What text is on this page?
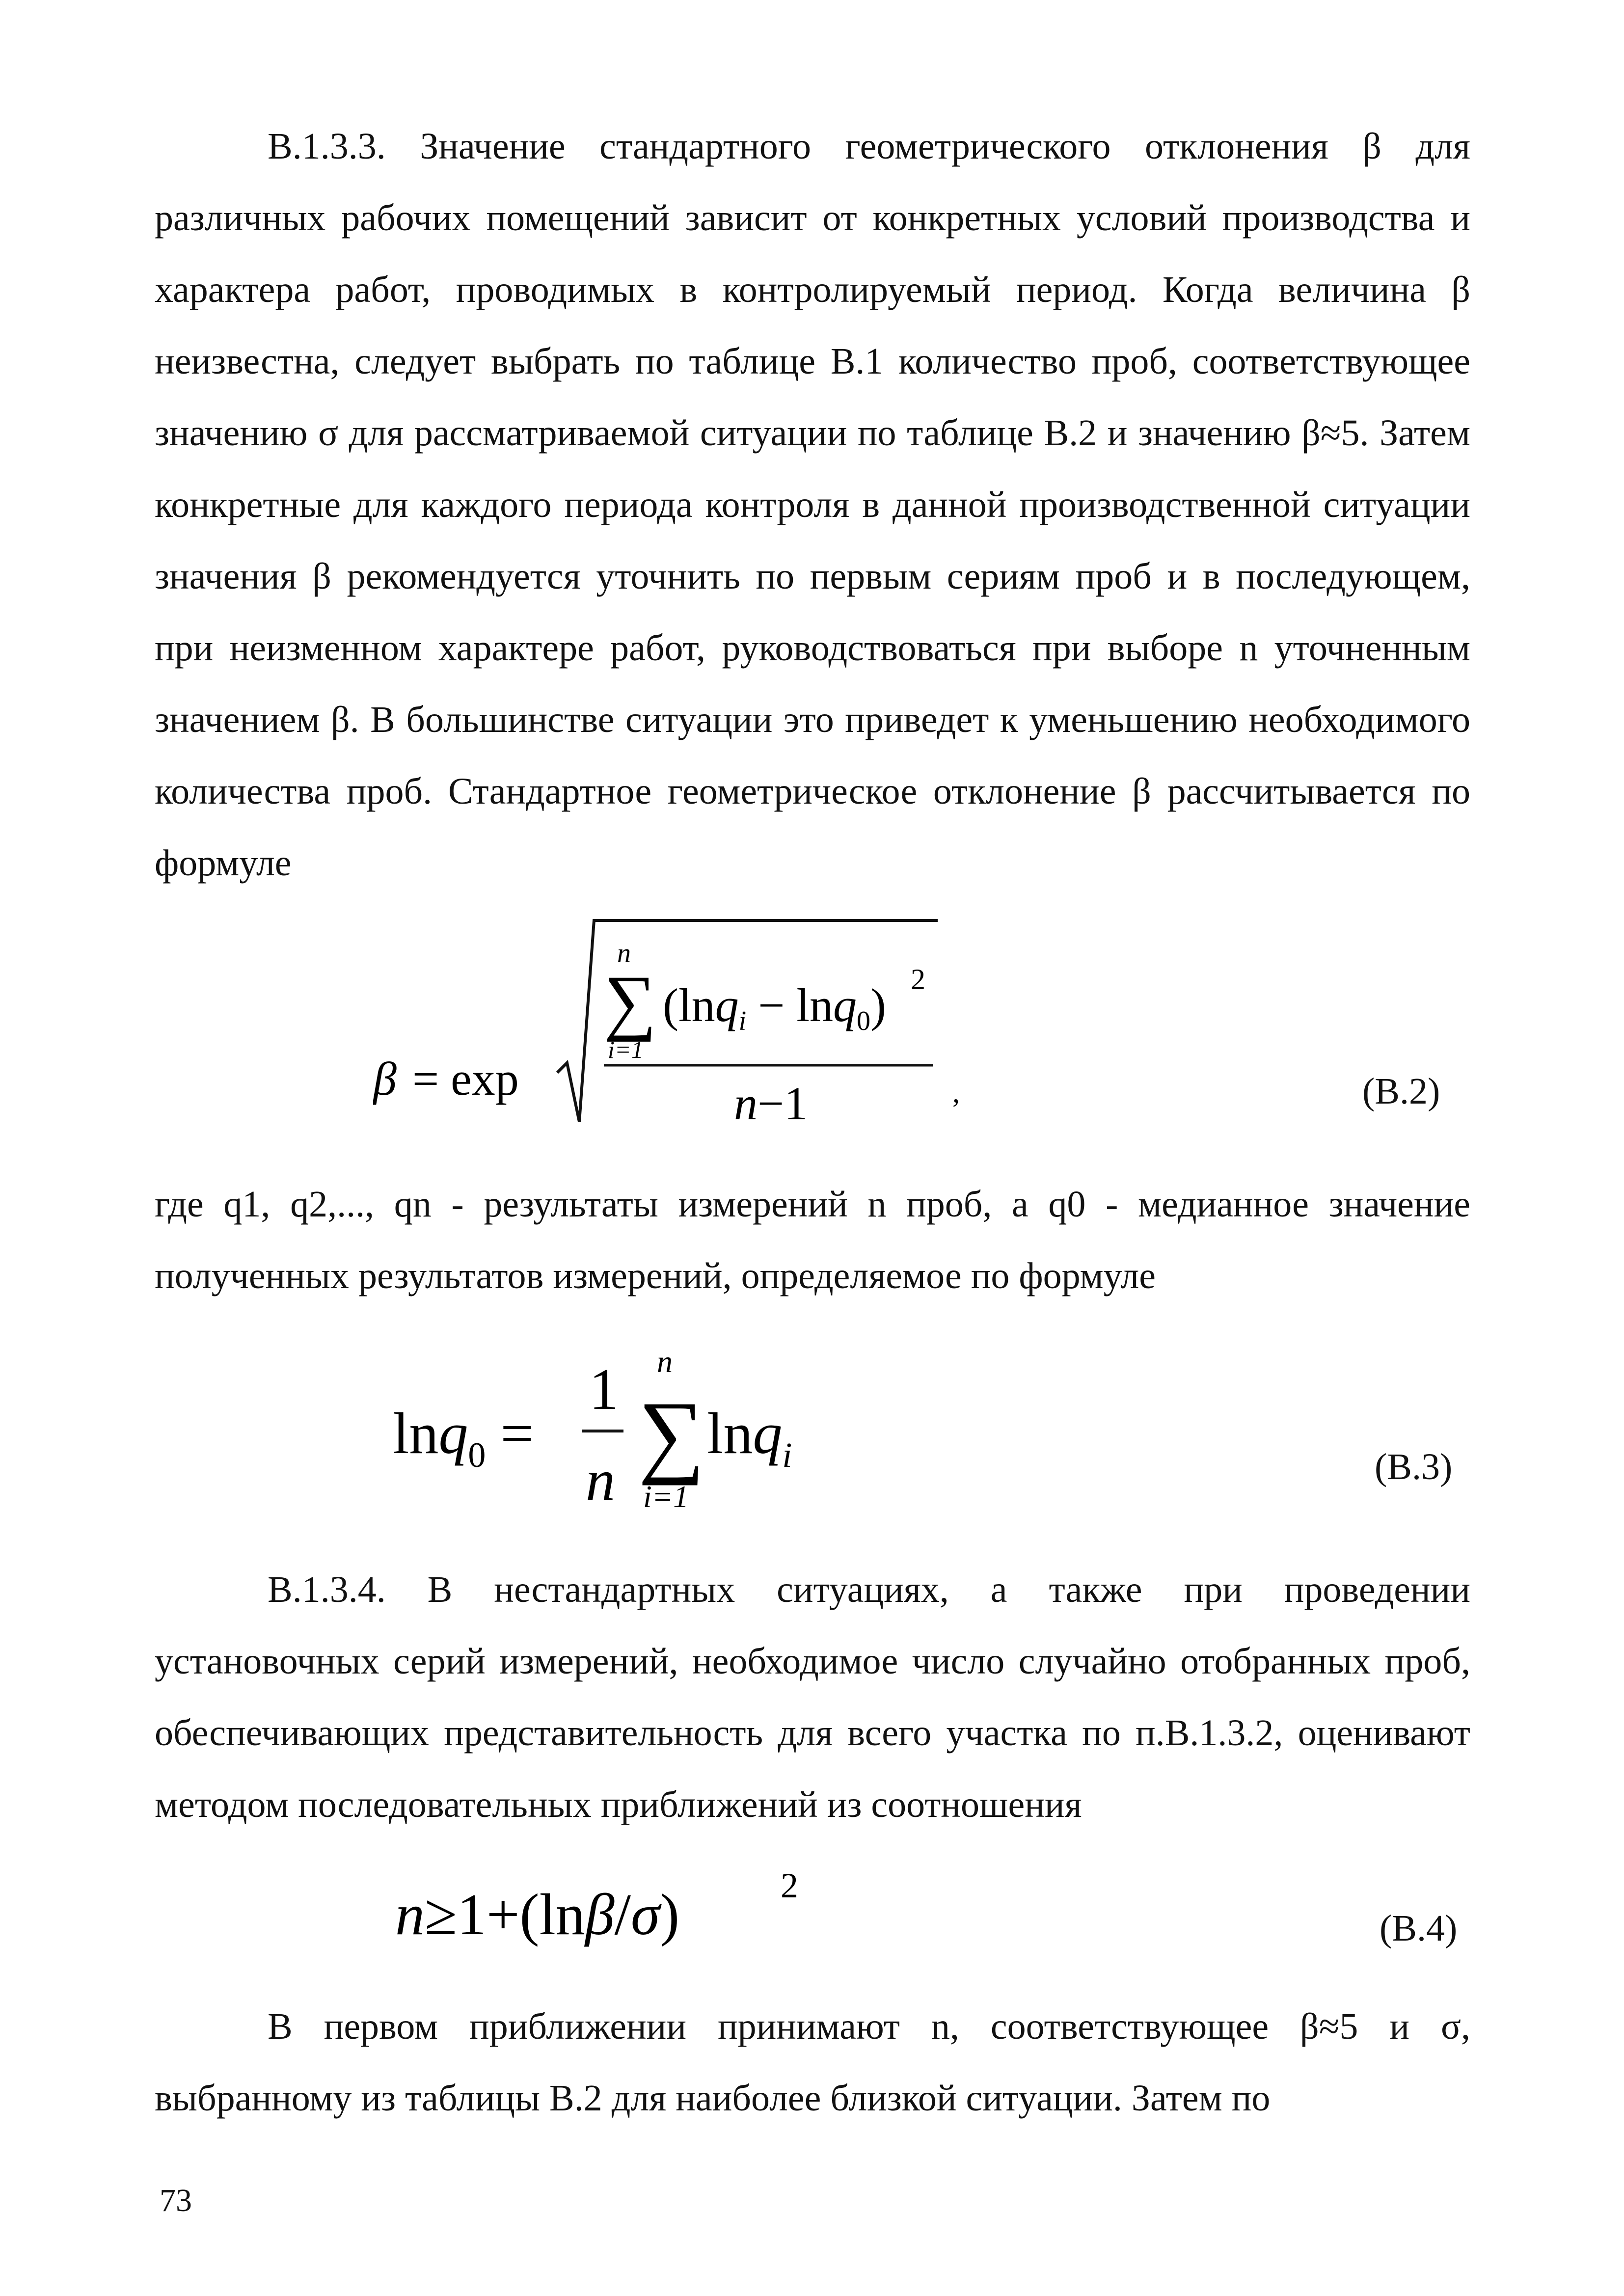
В.1.3.3. Значение стандартного геометрического отклонения β для различных рабочих помещений зависит от конкретных условий производства и характера работ, проводимых в контролируемый период. Когда величина β неизвестна, следует выбрать по таблице В.1 количество проб, соответствующее значению σ для рассматриваемой ситуации по таблице В.2 и значению β≈5. Затем конкретные для каждого периода контроля в данной производственной ситуации значения β рекомендуется уточнить по первым сериям проб и в последующем, при неизменном характере работ, руководствоваться при выборе n уточненным значением β. В большинстве ситуации это приведет к уменьшению необходимого количества проб. Стандартное геометрическое отклонение β рассчитывается по формуле
β = exp
n
∑
i=1
(lnqi − lnq0) 2
n−1	,	(В.2)
где q1, q2,..., qn - результаты измерений n проб, а q0 - медианное значение полученных результатов измерений, определяемое по формуле
lnq$_0$ =
1
n
n
∑
i=1
lnq$_i$	(В.3)
В.1.3.4. В нестандартных ситуациях, а также при проведении установочных серий измерений, необходимое число случайно отобранных проб, обеспечивающих представительность для всего участка по п.В.1.3.2, оценивают методом последовательных приближений из соотношения
n≥1+(lnβ/σ)	2
(В.4)
В первом приближении принимают n, соответствующее β≈5 и σ, выбранному из таблицы В.2 для наиболее близкой ситуации. Затем по
73
